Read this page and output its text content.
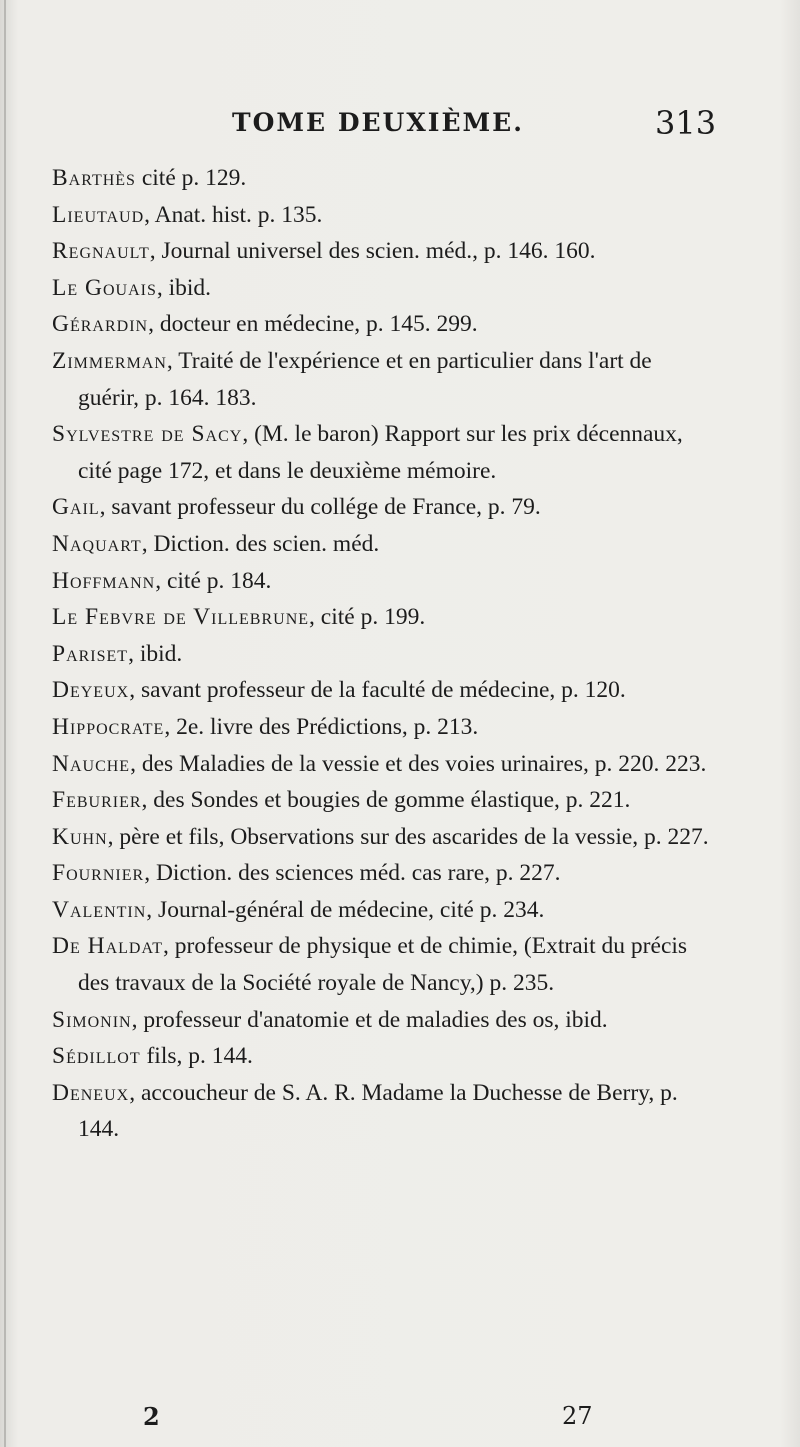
TOME DEUXIÈME.	313

Barthès cité p. 129.

Lieutaud, Anat. hist. p. 135.

Regnault, Journal universel des scien. méd., p. 146. 160.

Le Gouais, ibid.

Gérardin, docteur en médecine, p. 145. 299.

Zimmerman, Traité de l'expérience et en particulier dans l'art de guérir, p. 164. 183.

Sylvestre de Sacy, (M. le baron) Rapport sur les prix décennaux, cité page 172, et dans le deuxième mémoire.

Gail, savant professeur du collége de France, p. 79.

Naquart, Diction. des scien. méd.

Hoffmann, cité p. 184.

Le Febvre de Villebrune, cité p. 199.

Pariset, ibid.

Deyeux, savant professeur de la faculté de médecine, p. 120.

Hippocrate, 2e. livre des Prédictions, p. 213.

Nauche, des Maladies de la vessie et des voies urinaires, p. 220. 223.

Feburier, des Sondes et bougies de gomme élastique, p. 221.

Kuhn, père et fils, Observations sur des ascarides de la vessie, p. 227.

Fournier, Diction. des sciences méd. cas rare, p. 227.

Valentin, Journal-général de médecine, cité p. 234.

De Haldat, professeur de physique et de chimie, (Extrait du précis des travaux de la Société royale de Nancy,) p. 235.

Simonin, professeur d'anatomie et de maladies des os, ibid.

Sédillot fils, p. 144.

Deneux, accoucheur de S. A. R. Madame la Duchesse de Berry, p. 144.

2	27
